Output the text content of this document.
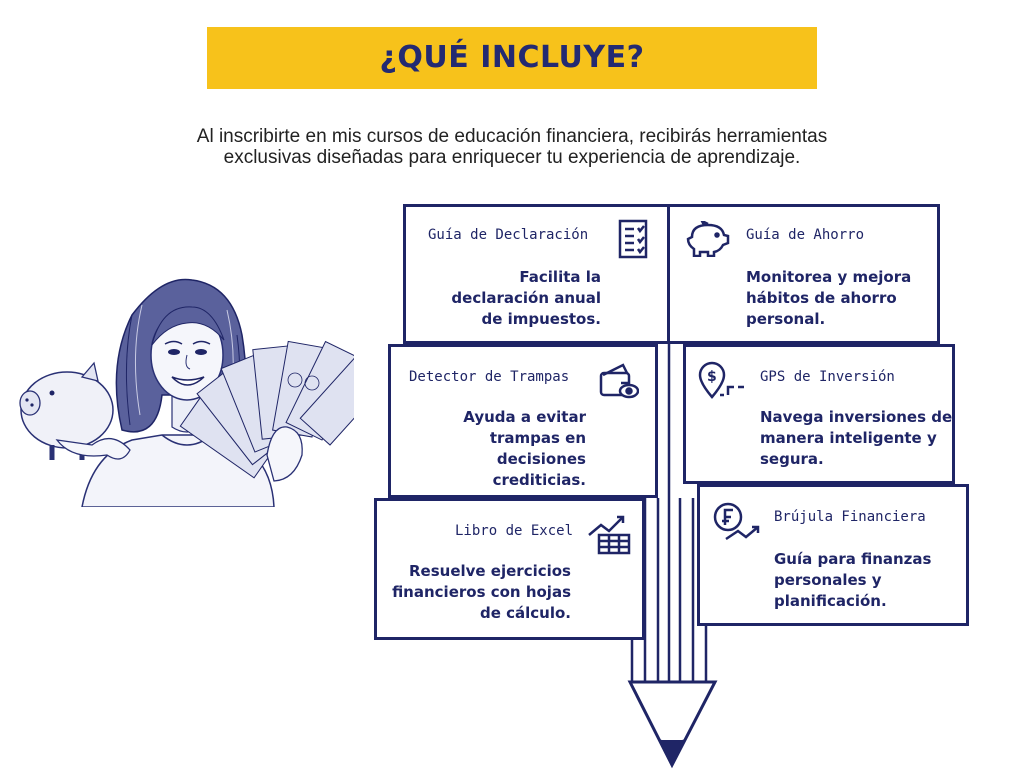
¿QUÉ INCLUYE?
Al inscribirte en mis cursos de educación financiera, recibirás herramientas
exclusivas diseñadas para enriquecer tu experiencia de aprendizaje.
Guía de Declaración
Facilita la declaración anual de impuestos.
Guía de Ahorro
Monitorea y mejora hábitos de ahorro personal.
Detector de Trampas
Ayuda a evitar trampas en decisiones crediticias.
$	GPS de Inversión
Navega inversiones de manera inteligente y segura.
Libro de Excel
Resuelve ejercicios financieros con hojas de cálculo.
Brújula Financiera
Guía para finanzas personales y planificación.
